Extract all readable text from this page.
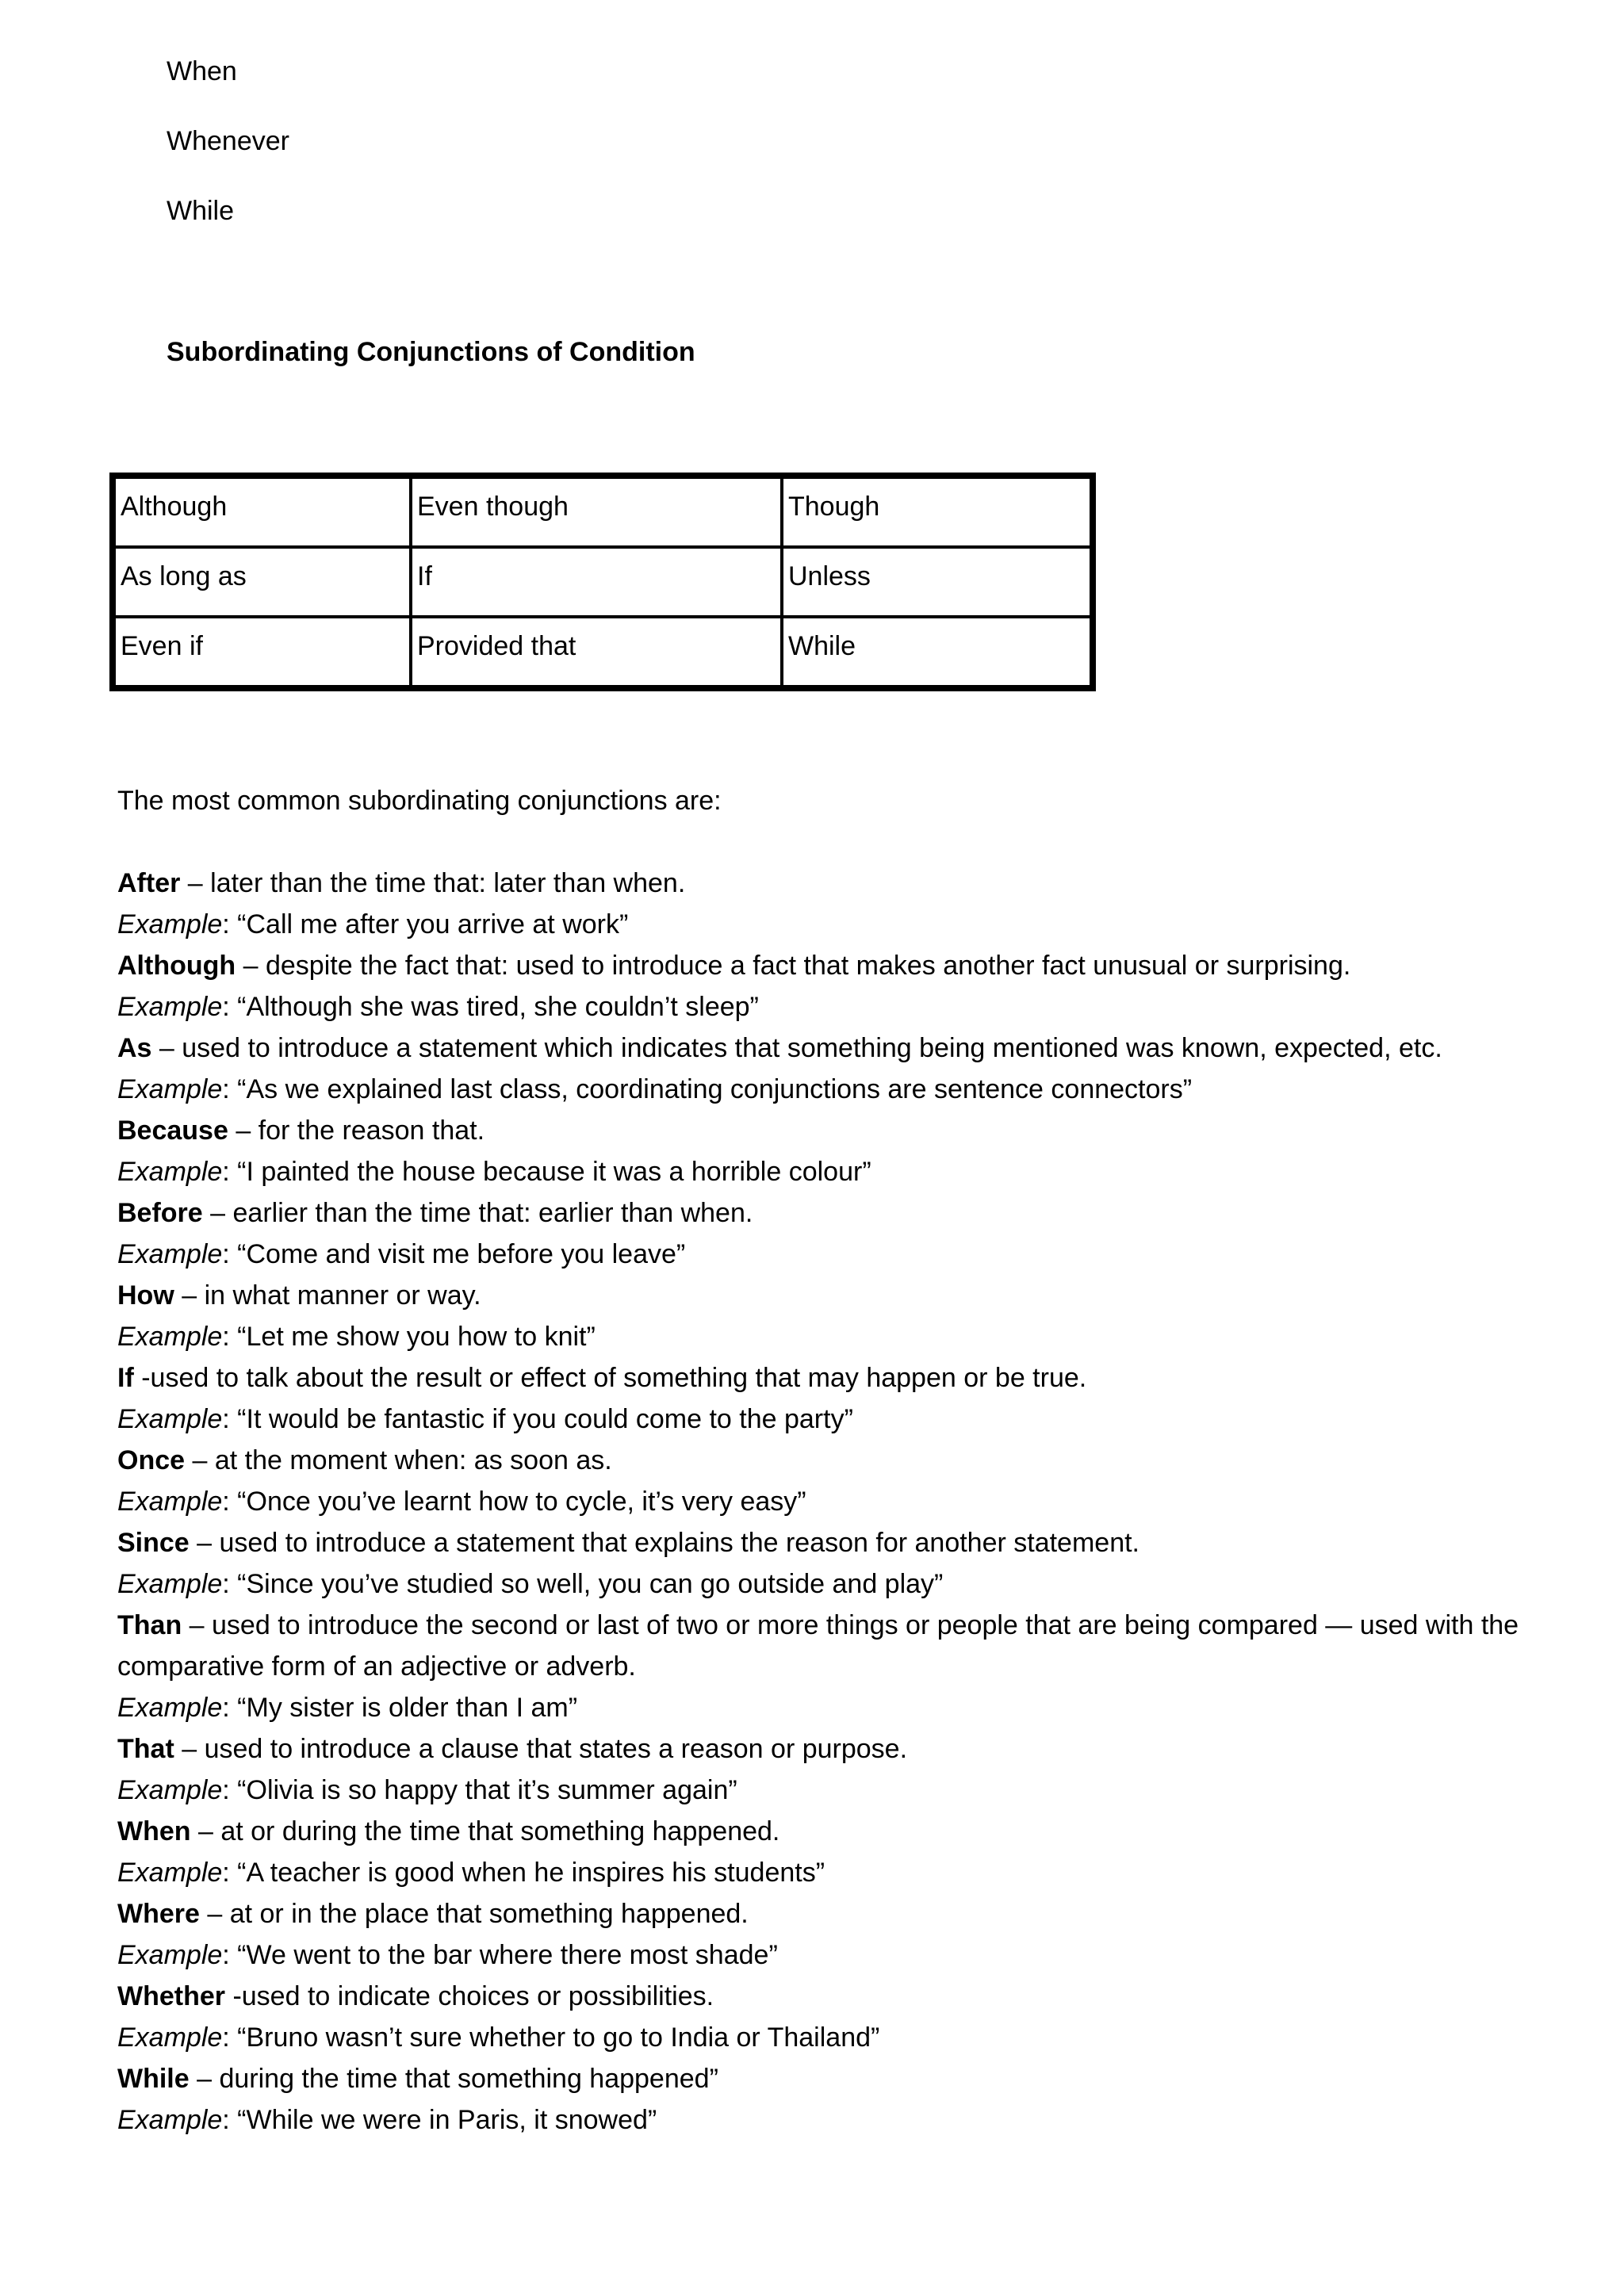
When
Whenever
While
Subordinating Conjunctions of Condition
Although	Even though	Though
As long as	If	Unless
Even if	Provided that	While

The most common subordinating conjunctions are:

After – later than the time that: later than when.

Example: “Call me after you arrive at work”

Although – despite the fact that: used to introduce a fact that makes another fact unusual or surprising.

Example: “Although she was tired, she couldn’t sleep”

As – used to introduce a statement which indicates that something being mentioned was known, expected, etc.

Example: “As we explained last class, coordinating conjunctions are sentence connectors”

Because – for the reason that.

Example: “I painted the house because it was a horrible colour”

Before – earlier than the time that: earlier than when.

Example: “Come and visit me before you leave”

How – in what manner or way.

Example: “Let me show you how to knit”

If -used to talk about the result or effect of something that may happen or be true.

Example: “It would be fantastic if you could come to the party”

Once – at the moment when: as soon as.

Example: “Once you’ve learnt how to cycle, it’s very easy”

Since – used to introduce a statement that explains the reason for another statement.

Example: “Since you’ve studied so well, you can go outside and play”

Than – used to introduce the second or last of two or more things or people that are being compared — used with the comparative form of an adjective or adverb.

Example: “My sister is older than I am”

That – used to introduce a clause that states a reason or purpose.

Example: “Olivia is so happy that it’s summer again”

When – at or during the time that something happened.

Example: “A teacher is good when he inspires his students”

Where – at or in the place that something happened.

Example: “We went to the bar where there most shade”

Whether -used to indicate choices or possibilities.

Example: “Bruno wasn’t sure whether to go to India or Thailand”

While – during the time that something happened”

Example: “While we were in Paris, it snowed”
